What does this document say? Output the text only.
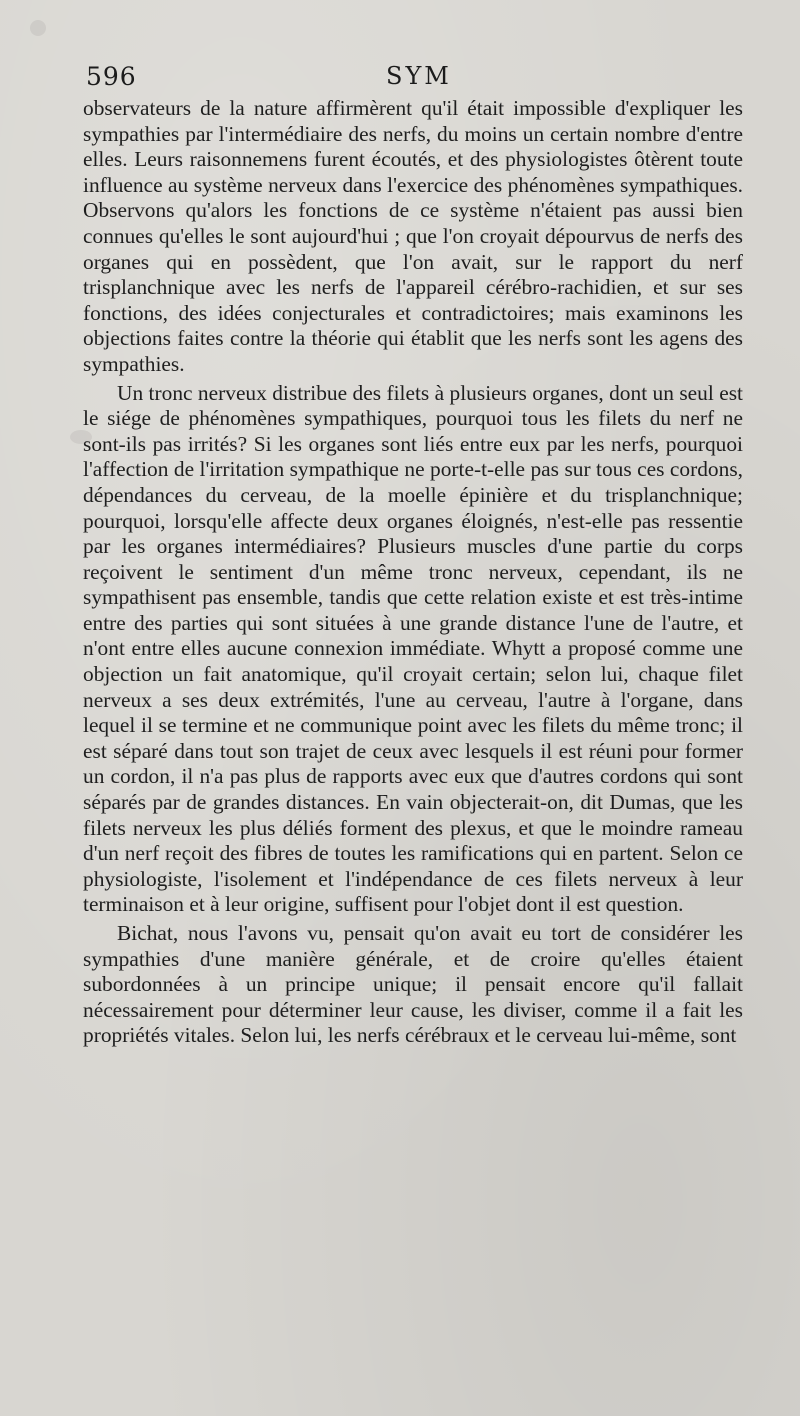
596	SYM

observateurs de la nature affirmèrent qu'il était impossible d'expliquer les sympathies par l'intermédiaire des nerfs, du moins un certain nombre d'entre elles. Leurs raisonnemens furent écoutés, et des physiologistes ôtèrent toute influence au système nerveux dans l'exercice des phénomènes sympathiques. Observons qu'alors les fonctions de ce système n'étaient pas aussi bien connues qu'elles le sont aujourd'hui ; que l'on croyait dépourvus de nerfs des organes qui en possèdent, que l'on avait, sur le rapport du nerf trisplanchnique avec les nerfs de l'appareil cérébro-rachidien, et sur ses fonctions, des idées conjecturales et contradictoires; mais examinons les objections faites contre la théorie qui établit que les nerfs sont les agens des sympathies.

Un tronc nerveux distribue des filets à plusieurs organes, dont un seul est le siége de phénomènes sympathiques, pourquoi tous les filets du nerf ne sont-ils pas irrités? Si les organes sont liés entre eux par les nerfs, pourquoi l'affection de l'irritation sympathique ne porte-t-elle pas sur tous ces cordons, dépendances du cerveau, de la moelle épinière et du trisplanchnique; pourquoi, lorsqu'elle affecte deux organes éloignés, n'est-elle pas ressentie par les organes intermédiaires? Plusieurs muscles d'une partie du corps reçoivent le sentiment d'un même tronc nerveux, cependant, ils ne sympathisent pas ensemble, tandis que cette relation existe et est très-intime entre des parties qui sont situées à une grande distance l'une de l'autre, et n'ont entre elles aucune connexion immédiate. Whytt a proposé comme une objection un fait anatomique, qu'il croyait certain; selon lui, chaque filet nerveux a ses deux extrémités, l'une au cerveau, l'autre à l'organe, dans lequel il se termine et ne communique point avec les filets du même tronc; il est séparé dans tout son trajet de ceux avec lesquels il est réuni pour former un cordon, il n'a pas plus de rapports avec eux que d'autres cordons qui sont séparés par de grandes distances. En vain objecterait-on, dit Dumas, que les filets nerveux les plus déliés forment des plexus, et que le moindre rameau d'un nerf reçoit des fibres de toutes les ramifications qui en partent. Selon ce physiologiste, l'isolement et l'indépendance de ces filets nerveux à leur terminaison et à leur origine, suffisent pour l'objet dont il est question.

Bichat, nous l'avons vu, pensait qu'on avait eu tort de considérer les sympathies d'une manière générale, et de croire qu'elles étaient subordonnées à un principe unique; il pensait encore qu'il fallait nécessairement pour déterminer leur cause, les diviser, comme il a fait les propriétés vitales. Selon lui, les nerfs cérébraux et le cerveau lui-même, sont
